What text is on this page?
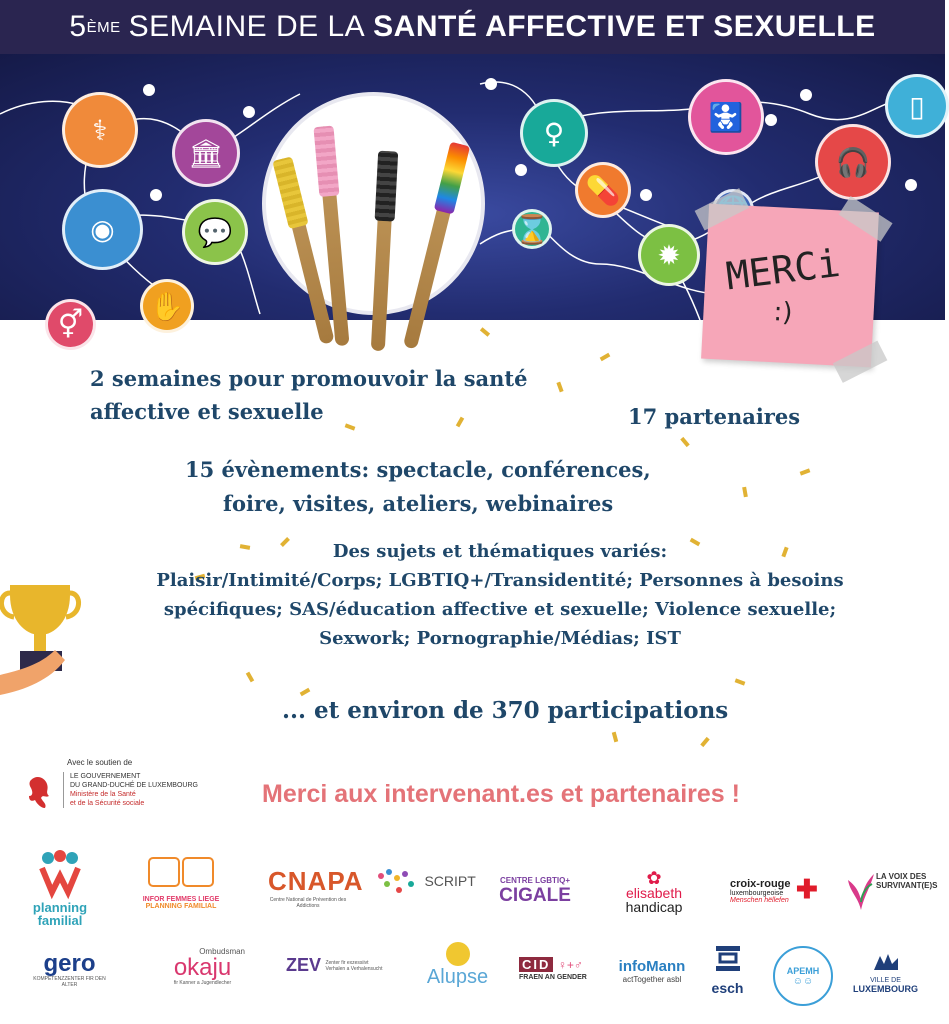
5 ÈME SEMAINE DE LA SANTÉ AFFECTIVE ET SEXUELLE
⚕
🏛
◉	💬
✋
⚥
♀	🚼	▯
🎧
💊
⌛
✹	MERCi
:)
2 semaines pour promouvoir la santé
affective et sexuelle	17 partenaires
15 évènements: spectacle, conférences,
foire, visites, ateliers, webinaires
Des sujets et thématiques variés:
Plaisir/Intimité/Corps; LGBTIQ+/Transidentité; Personnes à besoins
spécifiques; SAS/éducation affective et sexuelle; Violence sexuelle;
Sexwork; Pornographie/Médias; IST
... et environ de 370 participations
Avec le soutien de
LE GOUVERNEMENT
DU GRAND-DUCHÉ DE LUXEMBOURG
Ministère de la Santé
et de la Sécurité sociale	Merci aux intervenant.es et partenaires !
planning familial
INFOR FEMMES LIEGE
PLANNING FAMILIAL
CNAPA
Centre National de Prévention des Addictions
SCRIPT	CENTRE LGBTIQ+
CIGALE
✿
elisabeth
handicap
✚
croix-rouge
luxembourgeoise
Menschen hëllefen
LA VOIX DES
SURVIVANT(E)S
gero
KOMPETENZZENTER FIR DEN ALTER
Ombudsman
okaju
fir Kanner a Jugendlecher
ZEV Zenter fir exzessiivt Verhalen a Verhalensucht	Alupse
CID ♀+♂
FRAEN AN GENDER
infoMann
actTogether asbl
esch
APEMH
☺☺	VILLE DE
LUXEMBOURG
